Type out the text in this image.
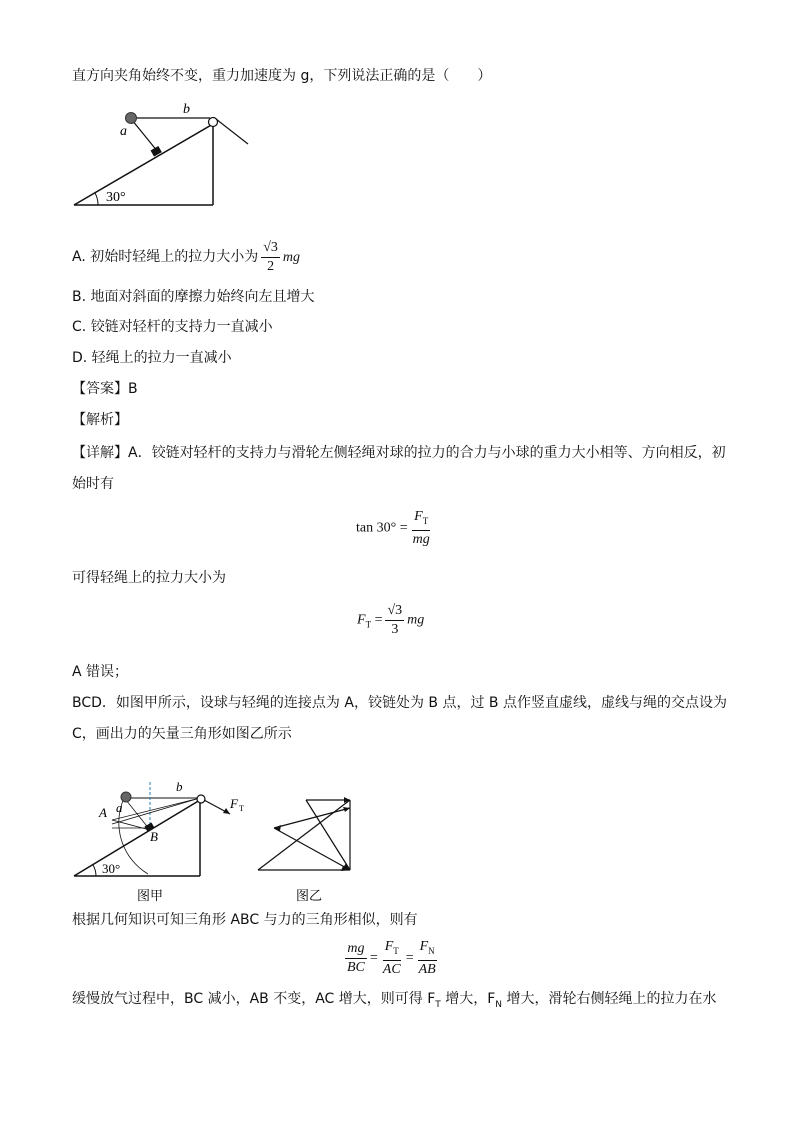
直方向夹角始终不变，重力加速度为 g，下列说法正确的是（　　）
b
a
30°
A. 初始时轻绳上的拉力大小为 $\frac{√3}{2}$ mg
B. 地面对斜面的摩擦力始终向左且增大
C. 铰链对轻杆的支持力一直减小
D. 轻绳上的拉力一直减小
【答案】B
【解析】
【详解】A．铰链对轻杆的支持力与滑轮左侧轻绳对球的拉力的合力与小球的重力大小相等、方向相反，初
始时有
$\tan 30^\circ = \frac{F_T}{mg}$
可得轻绳上的拉力大小为
$F_T = \frac{√3}{3}$ mg
A 错误；
BCD．如图甲所示，设球与轻绳的连接点为 A，铰链处为 B 点，过 B 点作竖直虚线，虚线与绳的交点设为
C，画出力的矢量三角形如图乙所示
b
a
A
B
F T
30°
图甲	图乙
根据几何知识可知三角形 ABC 与力的三角形相似，则有
$\frac{mg}{BC} = \frac{F_T}{AC} = \frac{F_N}{AB}$
缓慢放气过程中，BC 减小，AB 不变，AC 增大，则可得 $F_T$ 增大，$F_N$ 增大，滑轮右侧轻绳上的拉力在水
